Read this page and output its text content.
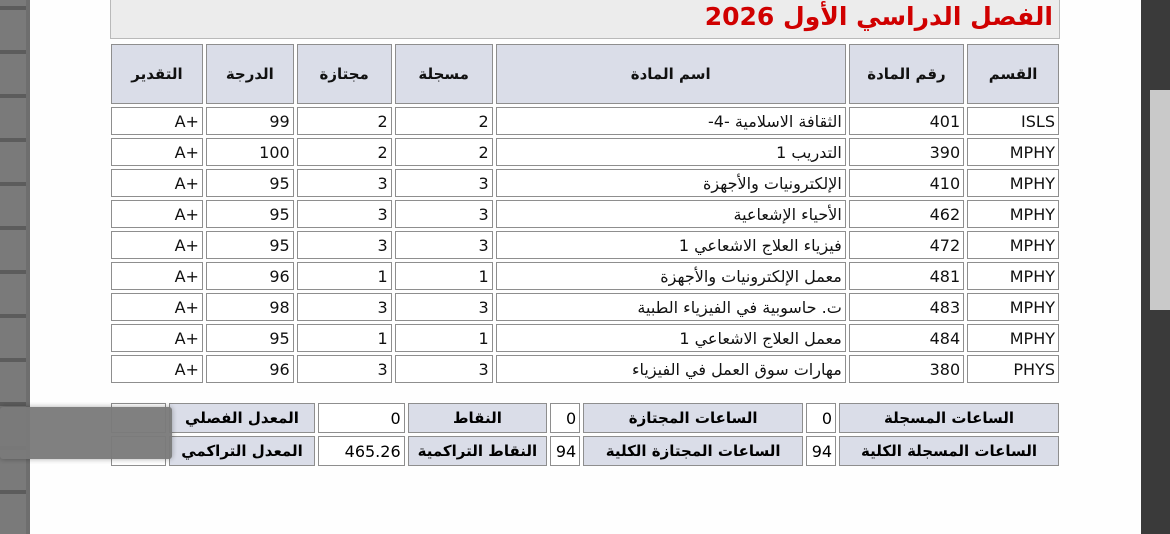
الفصل الدراسي الأول 2026
القسم	رقم المادة	اسم المادة	مسجلة	مجتازة	الدرجة	التقدير
ISLS	401	الثقافة الاسلامية -4-	2	2	99	A+
MPHY	390	التدريب 1	2	2	100	A+
MPHY	410	الإلكترونيات والأجهزة	3	3	95	A+
MPHY	462	الأحياء الإشعاعية	3	3	95	A+
MPHY	472	فيزياء العلاج الاشعاعي 1	3	3	95	A+
MPHY	481	معمل الإلكترونيات والأجهزة	1	1	96	A+
MPHY	483	ت. حاسوبية في الفيزياء الطبية	3	3	98	A+
MPHY	484	معمل العلاج الاشعاعي 1	1	1	95	A+
PHYS	380	مهارات سوق العمل في الفيزياء	3	3	96	A+
الساعات المسجلة	0	الساعات المجتازة	0	النقاط	0	المعدل الفصلي	
الساعات المسجلة الكلية	94	الساعات المجتازة الكلية	94	النقاط التراكمية	465.26	المعدل التراكمي	
